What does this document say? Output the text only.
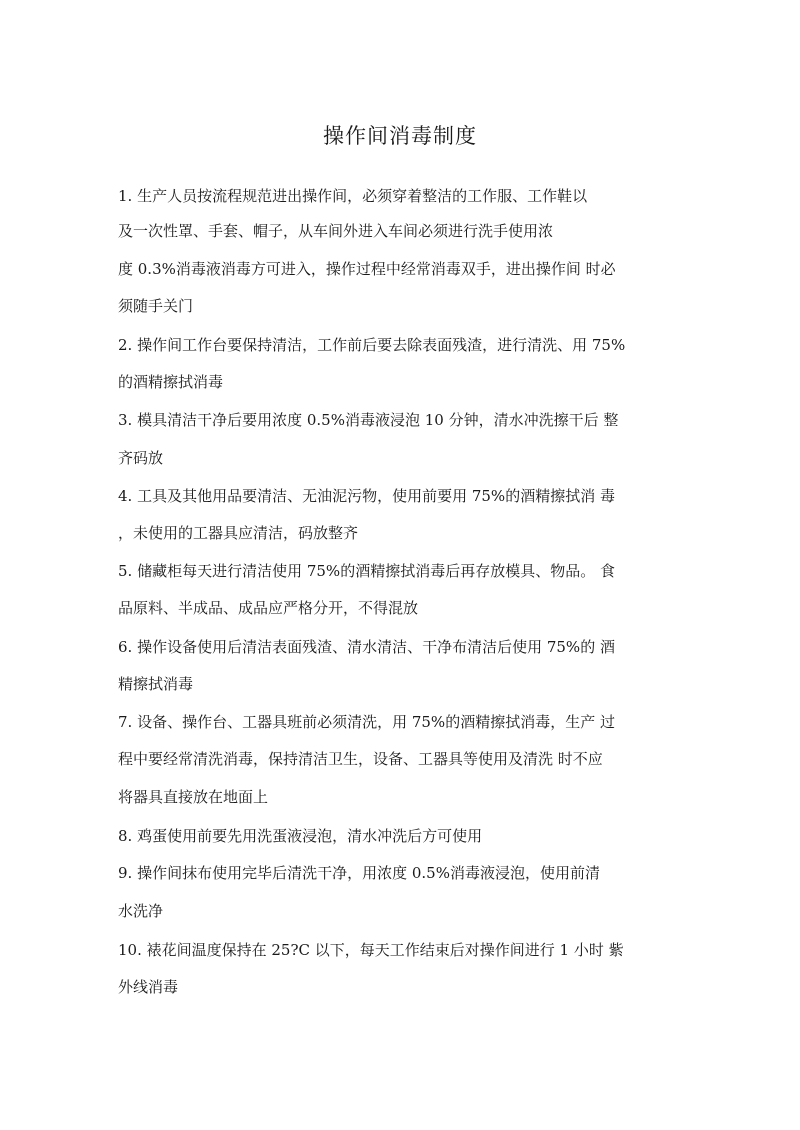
操作间消毒制度
1. 生产人员按流程规范进出操作间，必须穿着整洁的工作服、工作鞋以
及一次性罩、手套、帽子，从车间外进入车间必须进行洗手使用浓
度 0.3%消毒液消毒方可进入，操作过程中经常消毒双手，进出操作间 时必
须随手关门
2. 操作间工作台要保持清洁，工作前后要去除表面残渣，进行清洗、用 75%
的酒精擦拭消毒
3. 模具清洁干净后要用浓度 0.5%消毒液浸泡 10 分钟，清水冲洗擦干后 整
齐码放
4. 工具及其他用品要清洁、无油泥污物，使用前要用 75%的酒精擦拭消 毒
，未使用的工器具应清洁，码放整齐
5. 储藏柜每天进行清洁使用 75%的酒精擦拭消毒后再存放模具、物品。 食
品原料、半成品、成品应严格分开，不得混放
6. 操作设备使用后清洁表面残渣、清水清洁、干净布清洁后使用 75%的 酒
精擦拭消毒
7. 设备、操作台、工器具班前必须清洗，用 75%的酒精擦拭消毒，生产 过
程中要经常清洗消毒，保持清洁卫生，设备、工器具等使用及清洗 时不应
将器具直接放在地面上
8. 鸡蛋使用前要先用洗蛋液浸泡，清水冲洗后方可使用
9. 操作间抹布使用完毕后清洗干净，用浓度 0.5%消毒液浸泡，使用前清
水洗净
10. 裱花间温度保持在 25?C 以下，每天工作结束后对操作间进行 1 小时 紫
外线消毒
